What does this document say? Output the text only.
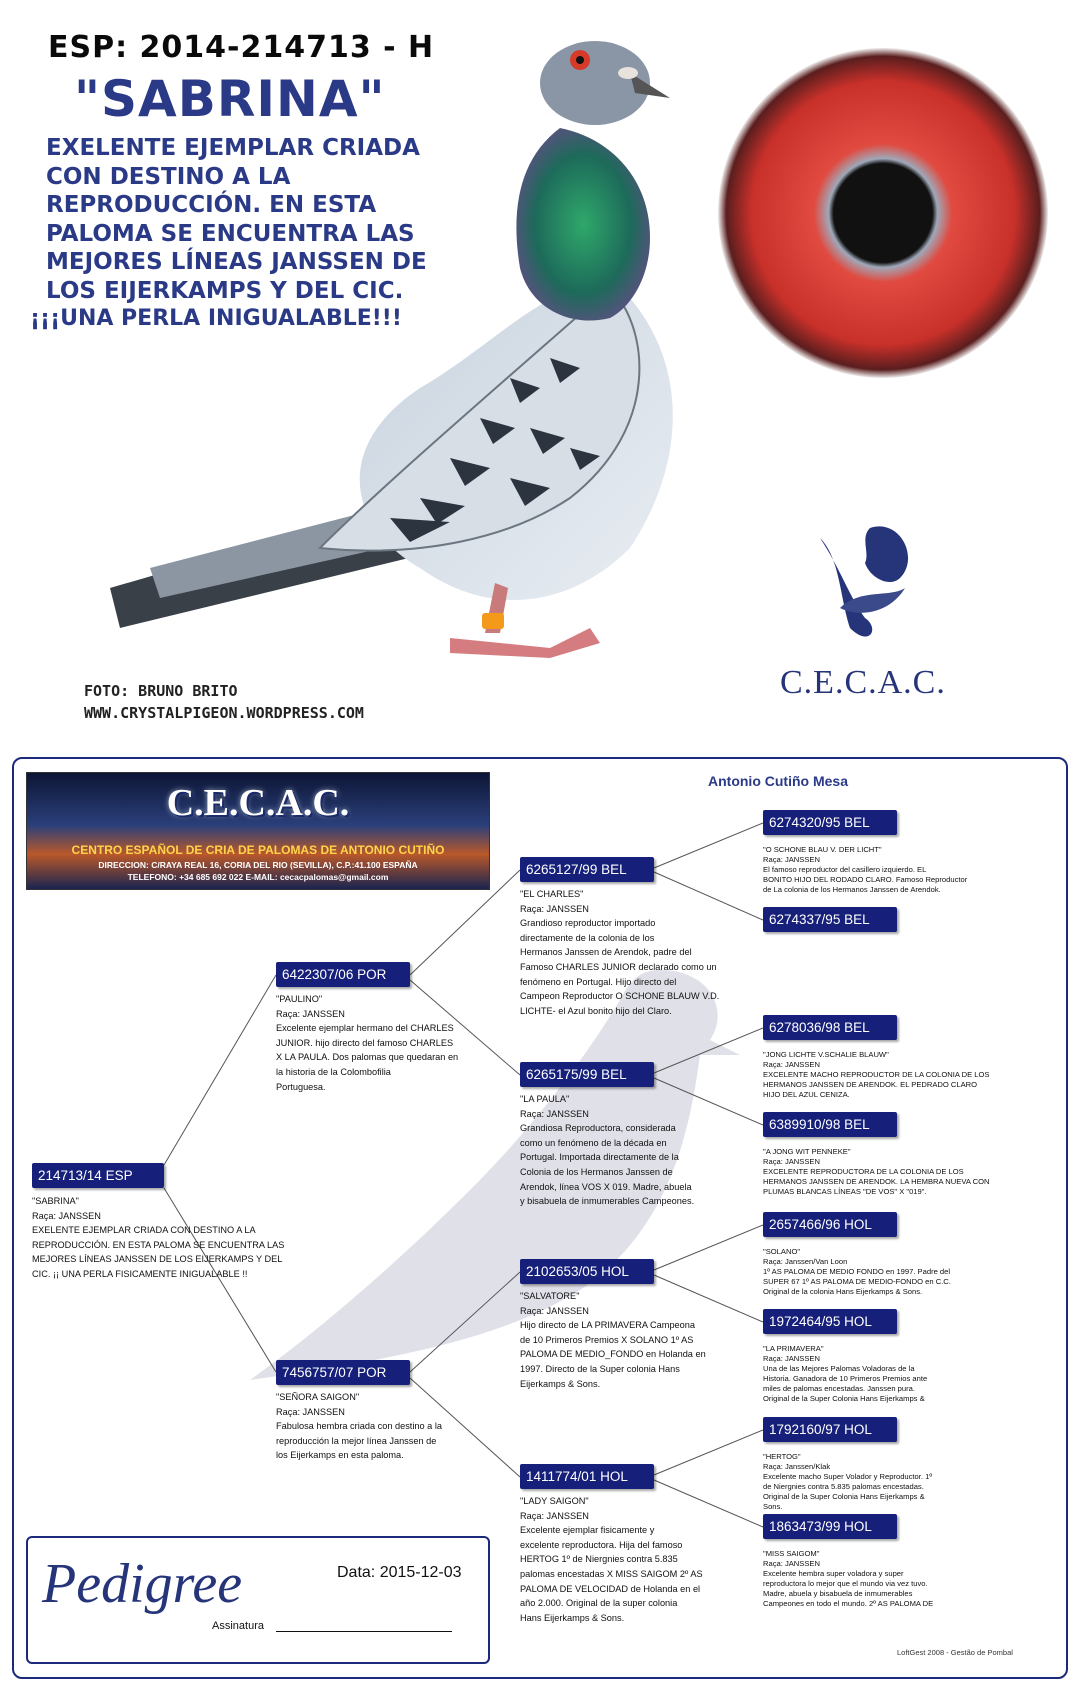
ESP: 2014-214713 - H
"SABRINA"
EXELENTE EJEMPLAR CRIADA
CON DESTINO A LA
REPRODUCCIÓN. EN ESTA
PALOMA SE ENCUENTRA LAS
MEJORES LÍNEAS JANSSEN DE
LOS EIJERKAMPS Y DEL CIC.
¡¡¡UNA PERLA INIGUALABLE!!!
C.E.C.A.C.
FOTO: BRUNO BRITO
WWW.CRYSTALPIGEON.WORDPRESS.COM
C.E.C.A.C.
CENTRO ESPAÑOL DE CRIA DE PALOMAS DE ANTONIO CUTIÑO
DIRECCION: C/RAYA REAL 16, CORIA DEL RIO (SEVILLA), C.P.:41.100 ESPAÑA
TELEFONO: +34 685 692 022 E-MAIL: cecacpalomas@gmail.com
Antonio Cutiño Mesa
214713/14 ESP
"SABRINA"
Raça: JANSSEN
EXELENTE EJEMPLAR CRIADA CON DESTINO A LA
REPRODUCCIÓN. EN ESTA PALOMA SE ENCUENTRA LAS
MEJORES LÍNEAS JANSSEN DE LOS EIJERKAMPS Y DEL
CIC. ¡¡ UNA PERLA FISICAMENTE INIGUALABLE !!
6422307/06 POR
"PAULINO"
Raça: JANSSEN
Excelente ejemplar hermano del CHARLES
JUNIOR. hijo directo del famoso CHARLES
X LA PAULA. Dos palomas que quedaran en
la historia de la Colombofilia
Portuguesa.
7456757/07 POR
"SEÑORA SAIGON"
Raça: JANSSEN
Fabulosa hembra criada con destino a la
reproducción la mejor línea Janssen de
los Eijerkamps en esta paloma.
6265127/99 BEL
"EL CHARLES"
Raça: JANSSEN
Grandioso reproductor importado
directamente de la colonia de los
Hermanos Janssen de Arendok, padre del
Famoso CHARLES JUNIOR declarado como un
fenómeno en Portugal. Hijo directo del
Campeon Reproductor O SCHONE BLAUW V.D.
LICHTE- el Azul bonito hijo del Claro.
6265175/99 BEL
"LA PAULA"
Raça: JANSSEN
Grandiosa Reproductora, considerada
como un fenómeno de la década en
Portugal. Importada directamente de la
Colonia de los Hermanos Janssen de
Arendok, línea VOS X 019. Madre, abuela
y bisabuela de inmumerables Campeones.
2102653/05 HOL
"SALVATORE"
Raça: JANSSEN
Hijo directo de LA PRIMAVERA Campeona
de 10 Primeros Premios X SOLANO 1º AS
PALOMA DE MEDIO_FONDO en Holanda en
1997. Directo de la Super colonia Hans
Eijerkamps & Sons.
1411774/01 HOL
"LADY SAIGON"
Raça: JANSSEN
Excelente ejemplar fisicamente y
excelente reproductora. Hija del famoso
HERTOG 1º de Niergnies contra 5.835
palomas encestadas X MISS SAIGOM 2º AS
PALOMA DE VELOCIDAD de Holanda en el
año 2.000. Original de la super colonia
Hans Eijerkamps & Sons.
6274320/95 BEL
"O SCHONE BLAU V. DER LICHT"
Raça: JANSSEN
El famoso reproductor del casillero izquierdo. EL
BONITO HIJO DEL RODADO CLARO. Famoso Reproductor
de La colonia de los Hermanos Janssen de Arendok.
6274337/95 BEL
6278036/98 BEL
"JONG LICHTE V.SCHALIE BLAUW"
Raça: JANSSEN
EXCELENTE MACHO REPRODUCTOR DE LA COLONIA DE LOS
HERMANOS JANSSEN DE ARENDOK. EL PEDRADO CLARO
HIJO DEL AZUL CENIZA.
6389910/98 BEL
"A JONG WIT PENNEKE"
Raça: JANSSEN
EXCELENTE REPRODUCTORA DE LA COLONIA DE LOS
HERMANOS JANSSEN DE ARENDOK. LA HEMBRA NUEVA CON
PLUMAS BLANCAS LÍNEAS "DE VOS" X "019".
2657466/96 HOL
"SOLANO"
Raça: Janssen/Van Loon
1º AS PALOMA DE MEDIO FONDO en 1997. Padre del
SUPER 67 1º AS PALOMA DE MEDIO-FONDO en C.C.
Original de la colonia Hans Eijerkamps & Sons.
1972464/95 HOL
"LA PRIMAVERA"
Raça: JANSSEN
Una de las Mejores Palomas Voladoras de la
Historia. Ganadora de 10 Primeros Premios ante
miles de palomas encestadas. Janssen pura.
Original de la Super Colonia Hans Eijerkamps &
1792160/97 HOL
"HERTOG"
Raça: Janssen/Klak
Excelente macho Super Volador y Reproductor. 1º
de Niergnies contra 5.835 palomas encestadas.
Original de la Super Colonia Hans Eijerkamps &
Sons.
1863473/99 HOL
"MISS SAIGOM"
Raça: JANSSEN
Excelente hembra super voladora y super
reproductora lo mejor que el mundo via vez tuvo.
Madre, abuela y bisabuela de inmumerables
Campeones en todo el mundo. 2º AS PALOMA DE
Pedigree	Data: 2015-12-03
Assinatura
LoftGest 2008 - Gestão de Pombal
